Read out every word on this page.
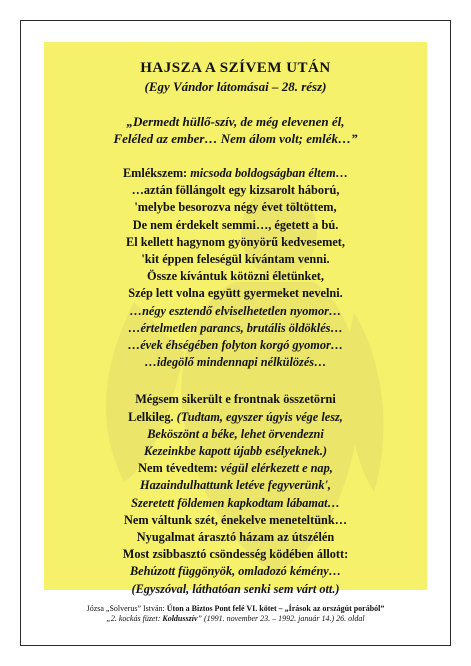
HAJSZA A SZÍVEM UTÁN
(Egy Vándor látomásai – 28. rész)
„Dermedt hüllő-szív, de még elevenen él,
Feléled az ember… Nem álom volt; emlék…”
Emlékszem: micsoda boldogságban éltem…
…aztán föllángolt egy kizsarolt háború,
'melybe besorozva négy évet töltöttem,
De nem érdekelt semmi…, égetett a bú.
El kellett hagynom gyönyörű kedvesemet,
'kit éppen feleségül kívántam venni.
Össze kívántuk kötözni életünket,
Szép lett volna együtt gyermeket nevelni.
…négy esztendő elviselhetetlen nyomor…
…értelmetlen parancs, brutális öldöklés…
…évek éhségében folyton korgó gyomor…
…idegölő mindennapi nélkülözés…
Mégsem sikerült e frontnak összetörni
Lelkileg. (Tudtam, egyszer úgyis vége lesz,
Beköszönt a béke, lehet örvendezni
Kezeinkbe kapott újabb esélyeknek.)
Nem tévedtem: végül elérkezett e nap,
Hazaindulhattunk letéve fegyverünk',
Szeretett földemen kapkodtam lábamat…
Nem váltunk szét, énekelve meneteltünk…
Nyugalmat árasztó házam az útszélén
Most zsibbasztó csöndesség ködében állott:
Behúzott függönyök, omladozó kémény…
(Egyszóval, láthatóan senki sem várt ott.)
Józsa „Solverus” István: Úton a Biztos Pont felé VI. kötet – „Írások az országút porából”
„2. kockás füzet: Koldusszív” (1991. november 23. – 1992. január 14.) 26. oldal
